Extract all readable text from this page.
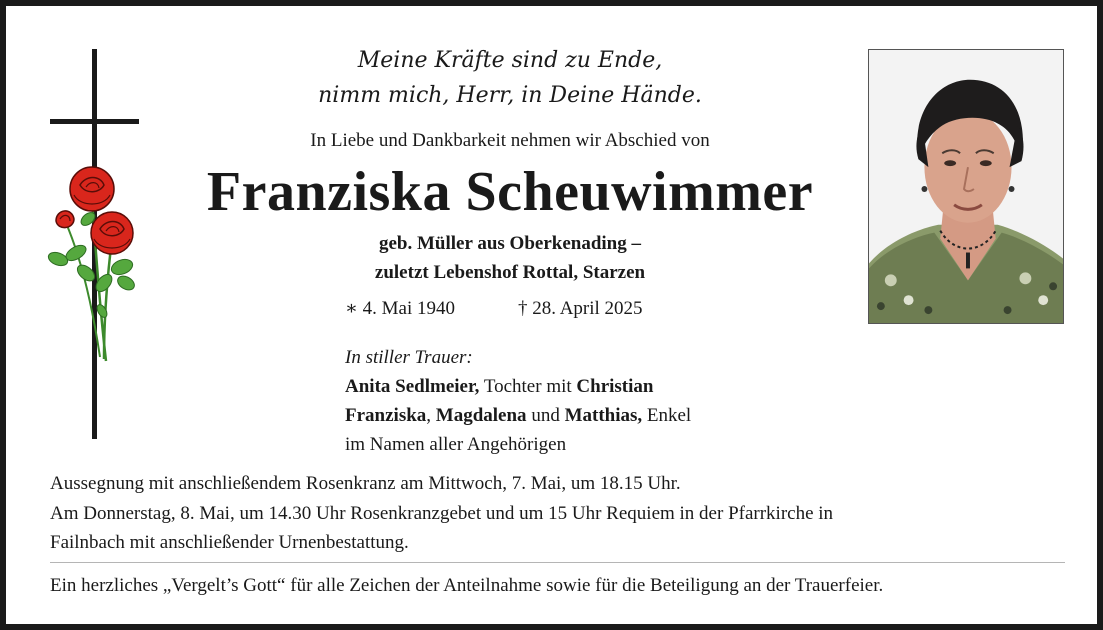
Meine Kräfte sind zu Ende,
nimm mich, Herr, in Deine Hände.
In Liebe und Dankbarkeit nehmen wir Abschied von
Franziska Scheuwimmer
geb. Müller aus Oberkenading –
zuletzt Lebenshof Rottal, Starzen
∗ 4. Mai 1940	† 28. April 2025
In stiller Trauer:
Anita Sedlmeier, Tochter mit Christian
Franziska, Magdalena und Matthias, Enkel
im Namen aller Angehörigen
Aussegnung mit anschließendem Rosenkranz am Mittwoch, 7. Mai, um 18.15 Uhr.
Am Donnerstag, 8. Mai, um 14.30 Uhr Rosenkranzgebet und um 15 Uhr Requiem in der Pfarrkirche in
Failnbach mit anschließender Urnenbestattung.
Ein herzliches „Vergelt’s Gott“ für alle Zeichen der Anteilnahme sowie für die Beteiligung an der Trauerfeier.
